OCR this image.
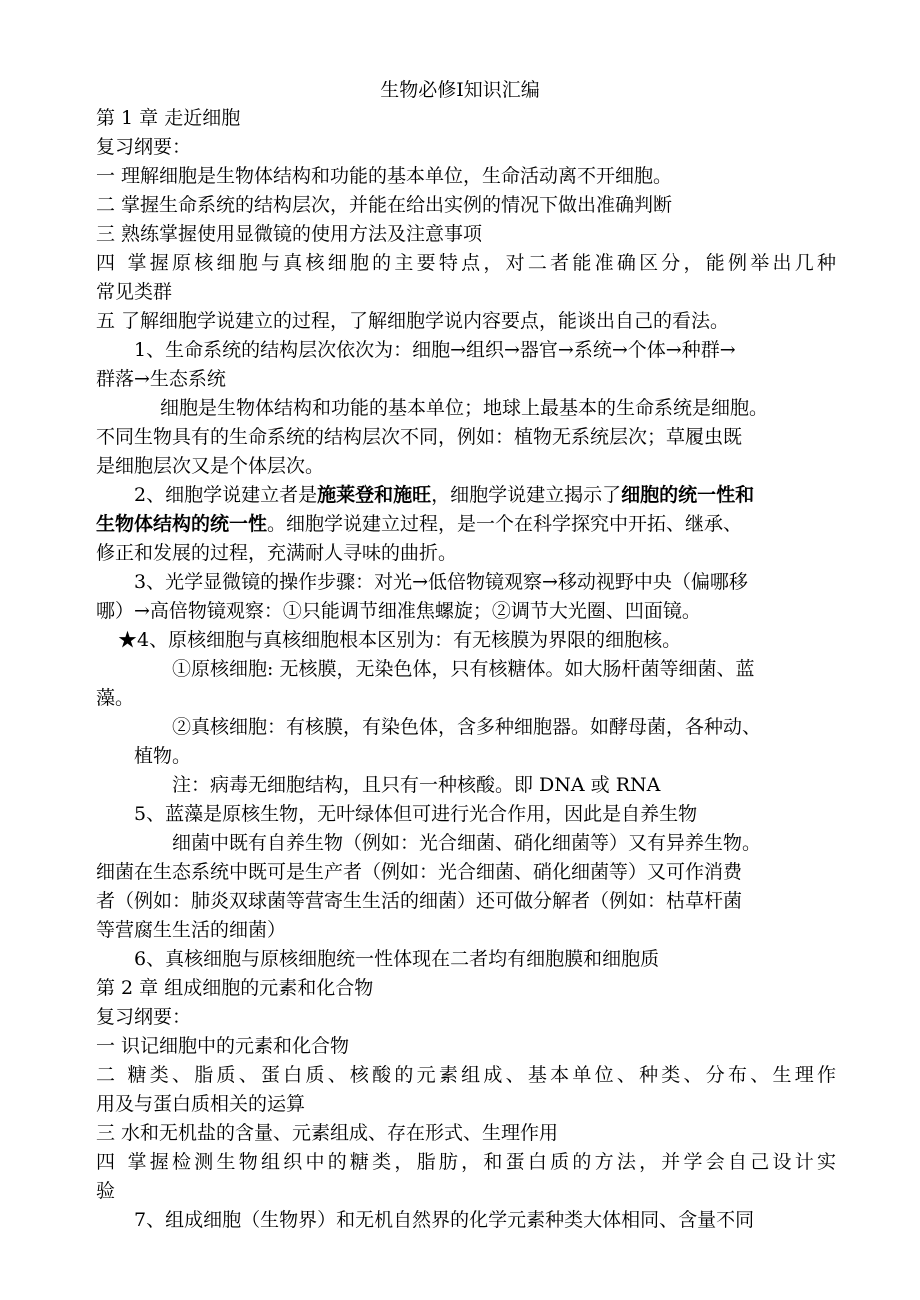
生物必修I知识汇编
第 1 章 走近细胞
复习纲要：
一 理解细胞是生物体结构和功能的基本单位，生命活动离不开细胞。
二 掌握生命系统的结构层次，并能在给出实例的情况下做出准确判断
三 熟练掌握使用显微镜的使用方法及注意事项
四 掌握原核细胞与真核细胞的主要特点，对二者能准确区分，能例举出几种
常见类群
五 了解细胞学说建立的过程，了解细胞学说内容要点，能谈出自己的看法。
1、生命系统的结构层次依次为：细胞→组织→器官→系统→个体→种群→
群落→生态系统
细胞是生物体结构和功能的基本单位；地球上最基本的生命系统是细胞。
不同生物具有的生命系统的结构层次不同，例如：植物无系统层次；草履虫既
是细胞层次又是个体层次。
2、细胞学说建立者是施莱登和施旺，细胞学说建立揭示了细胞的统一性和
生物体结构的统一性。细胞学说建立过程，是一个在科学探究中开拓、继承、
修正和发展的过程，充满耐人寻味的曲折。
3、光学显微镜的操作步骤：对光→低倍物镜观察→移动视野中央（偏哪移
哪）→高倍物镜观察：①只能调节细准焦螺旋；②调节大光圈、凹面镜。
★4、原核细胞与真核细胞根本区别为：有无核膜为界限的细胞核。
①原核细胞: 无核膜，无染色体，只有核糖体。如大肠杆菌等细菌、蓝
藻。
②真核细胞：有核膜，有染色体，含多种细胞器。如酵母菌，各种动、
植物。
注：病毒无细胞结构，且只有一种核酸。即 DNA 或 RNA
5、蓝藻是原核生物，无叶绿体但可进行光合作用，因此是自养生物
细菌中既有自养生物（例如：光合细菌、硝化细菌等）又有异养生物。
细菌在生态系统中既可是生产者（例如：光合细菌、硝化细菌等）又可作消费
者（例如：肺炎双球菌等营寄生生活的细菌）还可做分解者（例如：枯草杆菌
等营腐生生活的细菌）
6、真核细胞与原核细胞统一性体现在二者均有细胞膜和细胞质
第 2 章 组成细胞的元素和化合物
复习纲要：
一 识记细胞中的元素和化合物
二 糖类、脂质、蛋白质、核酸的元素组成、基本单位、种类、分布、生理作
用及与蛋白质相关的运算
三 水和无机盐的含量、元素组成、存在形式、生理作用
四 掌握检测生物组织中的糖类，脂肪，和蛋白质的方法，并学会自己设计实
验
7、组成细胞（生物界）和无机自然界的化学元素种类大体相同、含量不同
